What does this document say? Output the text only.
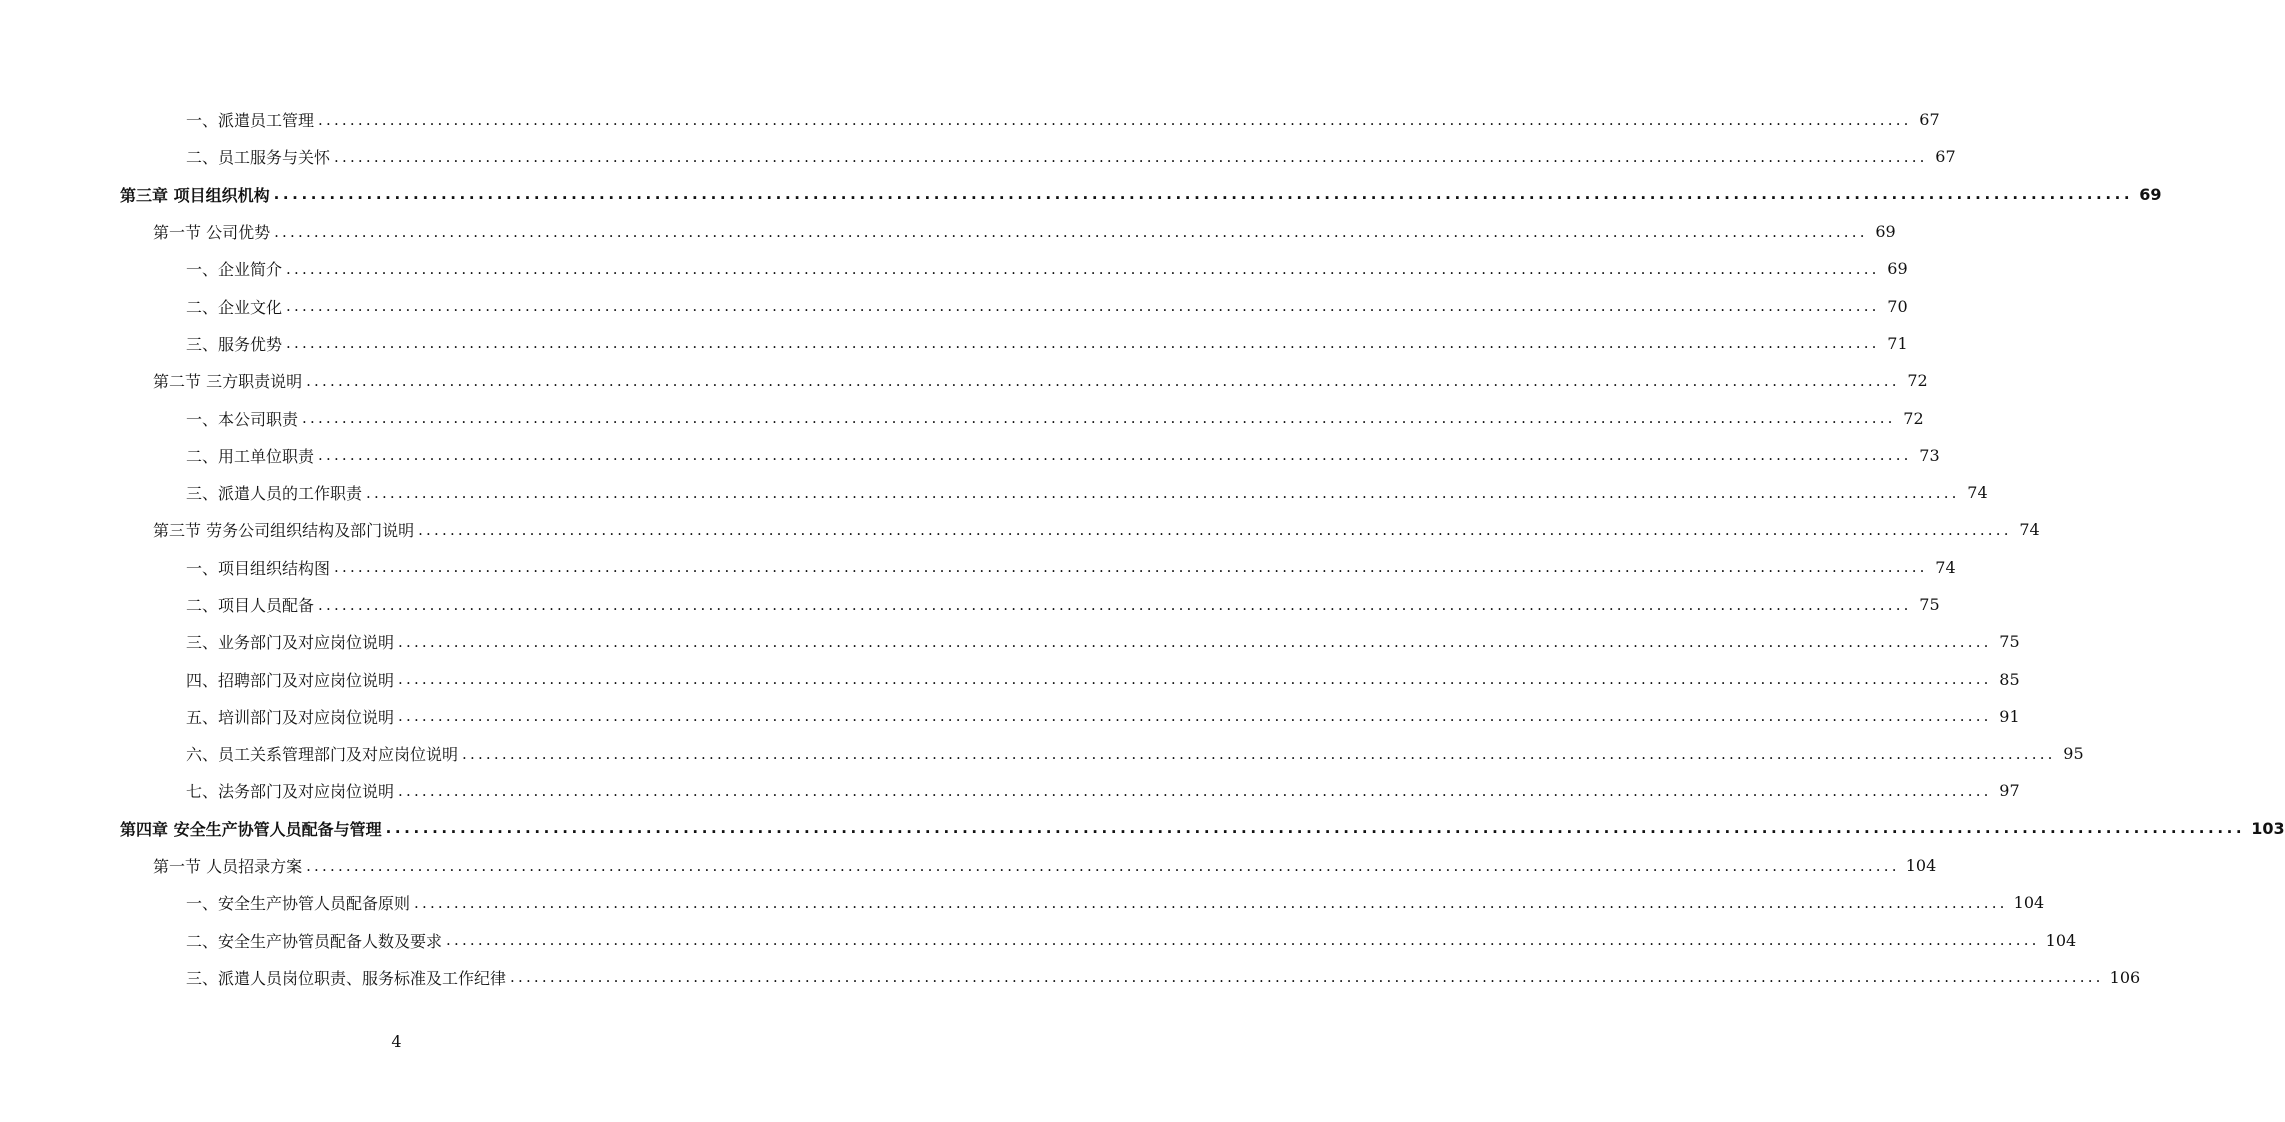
一、派遣员工管理 ........................................................................................................................................................................................................ 67
二、员工服务与关怀 ........................................................................................................................................................................................................ 67
第三章 项目组织机构 ........................................................................................................................................................................................................ 69
第一节 公司优势 ........................................................................................................................................................................................................ 69
一、企业简介 ........................................................................................................................................................................................................ 69
二、企业文化 ........................................................................................................................................................................................................ 70
三、服务优势 ........................................................................................................................................................................................................ 71
第二节 三方职责说明 ........................................................................................................................................................................................................ 72
一、本公司职责 ........................................................................................................................................................................................................ 72
二、用工单位职责 ........................................................................................................................................................................................................ 73
三、派遣人员的工作职责 ........................................................................................................................................................................................................ 74
第三节 劳务公司组织结构及部门说明 ........................................................................................................................................................................................................ 74
一、项目组织结构图 ........................................................................................................................................................................................................ 74
二、项目人员配备 ........................................................................................................................................................................................................ 75
三、业务部门及对应岗位说明 ........................................................................................................................................................................................................ 75
四、招聘部门及对应岗位说明 ........................................................................................................................................................................................................ 85
五、培训部门及对应岗位说明 ........................................................................................................................................................................................................ 91
六、员工关系管理部门及对应岗位说明 ........................................................................................................................................................................................................ 95
七、法务部门及对应岗位说明 ........................................................................................................................................................................................................ 97
第四章 安全生产协管人员配备与管理 ........................................................................................................................................................................................................ 103
第一节 人员招录方案 ........................................................................................................................................................................................................ 104
一、安全生产协管人员配备原则 ........................................................................................................................................................................................................ 104
二、安全生产协管员配备人数及要求 ........................................................................................................................................................................................................ 104
三、派遣人员岗位职责、服务标准及工作纪律 ........................................................................................................................................................................................................ 106
4
